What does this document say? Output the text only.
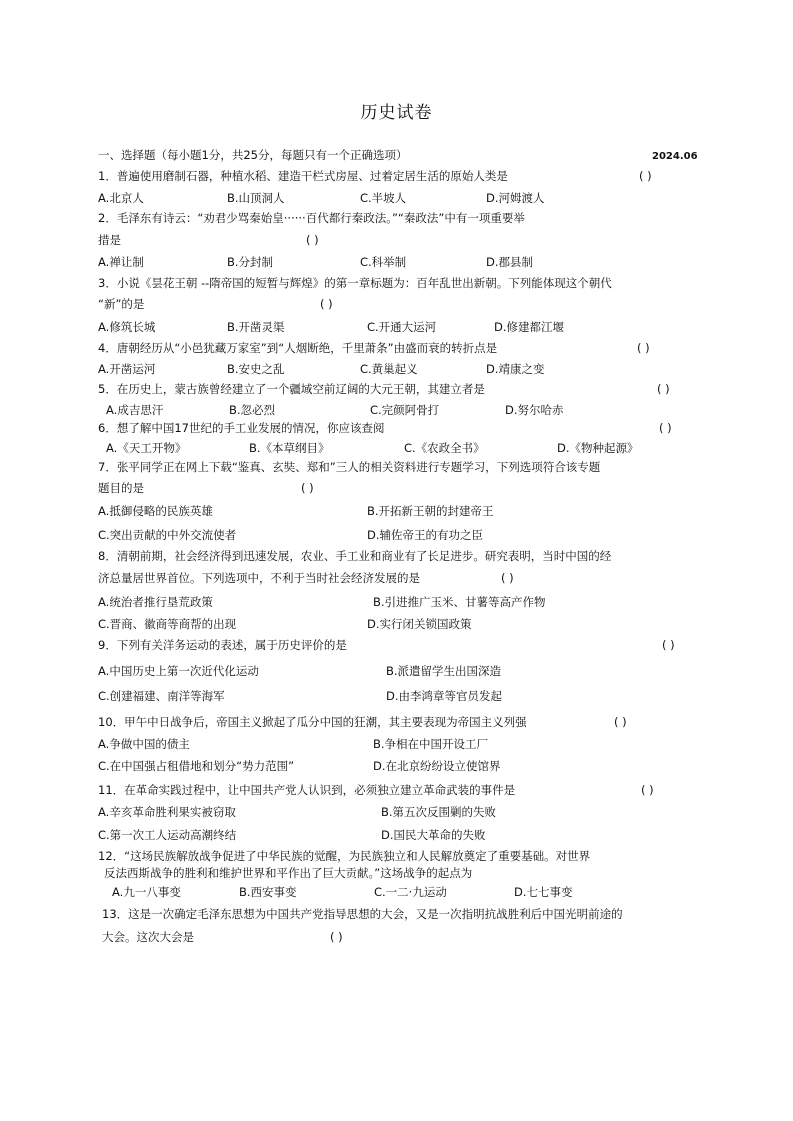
历史试卷
2024.06
一、选择题（每小题1分，共25分，每题只有一个正确选项）
1．普遍使用磨制石器，种植水稻、建造干栏式房屋、过着定居生活的原始人类是	( )
A.北京人	B.山顶洞人	C.半坡人	D.河姆渡人
2．毛泽东有诗云：“劝君少骂秦始皇······百代都行秦政法。”“秦政法”中有一项重要举
措是	( )
A.禅让制	B.分封制	C.科举制	D.郡县制
3．小说《昙花王朝 --隋帝国的短暂与辉煌》的第一章标题为：百年乱世出新朝。下列能体现这个朝代
“新”的是	( )
A.修筑长城	B.开凿灵渠	C.开通大运河	D.修建都江堰
4．唐朝经历从“小邑犹藏万家室”到“人烟断绝，千里萧条”由盛而衰的转折点是	( )
A.开凿运河	B.安史之乱	C.黄巢起义	D.靖康之变
5．在历史上，蒙古族曾经建立了一个疆域空前辽阔的大元王朝，其建立者是	( )
A.成吉思汗	B.忽必烈	C.完颜阿骨打	D.努尔哈赤
6．想了解中国17世纪的手工业发展的情况，你应该查阅	( )
A.《天工开物》	B.《本草纲目》	C.《农政全书》	D.《物种起源》
7．张平同学正在网上下载“鉴真、玄奘、郑和”三人的相关资料进行专题学习，下列选项符合该专题
题目的是	( )
A.抵御侵略的民族英雄	B.开拓新王朝的封建帝王
C.突出贡献的中外交流使者	D.辅佐帝王的有功之臣
8．清朝前期，社会经济得到迅速发展，农业、手工业和商业有了长足进步。研究表明，当时中国的经
济总量居世界首位。下列选项中，不利于当时社会经济发展的是	( )
A.统治者推行垦荒政策	B.引进推广玉米、甘薯等高产作物
C.晋商、徽商等商帮的出现	D.实行闭关锁国政策
9．下列有关洋务运动的表述，属于历史评价的是	( )
A.中国历史上第一次近代化运动	B.派遣留学生出国深造
C.创建福建、南洋等海军	D.由李鸿章等官员发起
10．甲午中日战争后，帝国主义掀起了瓜分中国的狂潮，其主要表现为帝国主义列强	( )
A.争做中国的债主	B.争相在中国开设工厂
C.在中国强占租借地和划分“势力范围”	D.在北京纷纷设立使馆界
11．在革命实践过程中，让中国共产党人认识到，必须独立建立革命武装的事件是	( )
A.辛亥革命胜利果实被窃取	B.第五次反围剿的失败
C.第一次工人运动高潮终结	D.国民大革命的失败
12．“这场民族解放战争促进了中华民族的觉醒，为民族独立和人民解放奠定了重要基础。对世界
反法西斯战争的胜利和维护世界和平作出了巨大贡献。”这场战争的起点为
A.九一八事变	B.西安事变	C.一二·九运动	D.七七事变
13．这是一次确定毛泽东思想为中国共产党指导思想的大会，又是一次指明抗战胜利后中国光明前途的
大会。这次大会是	( )
